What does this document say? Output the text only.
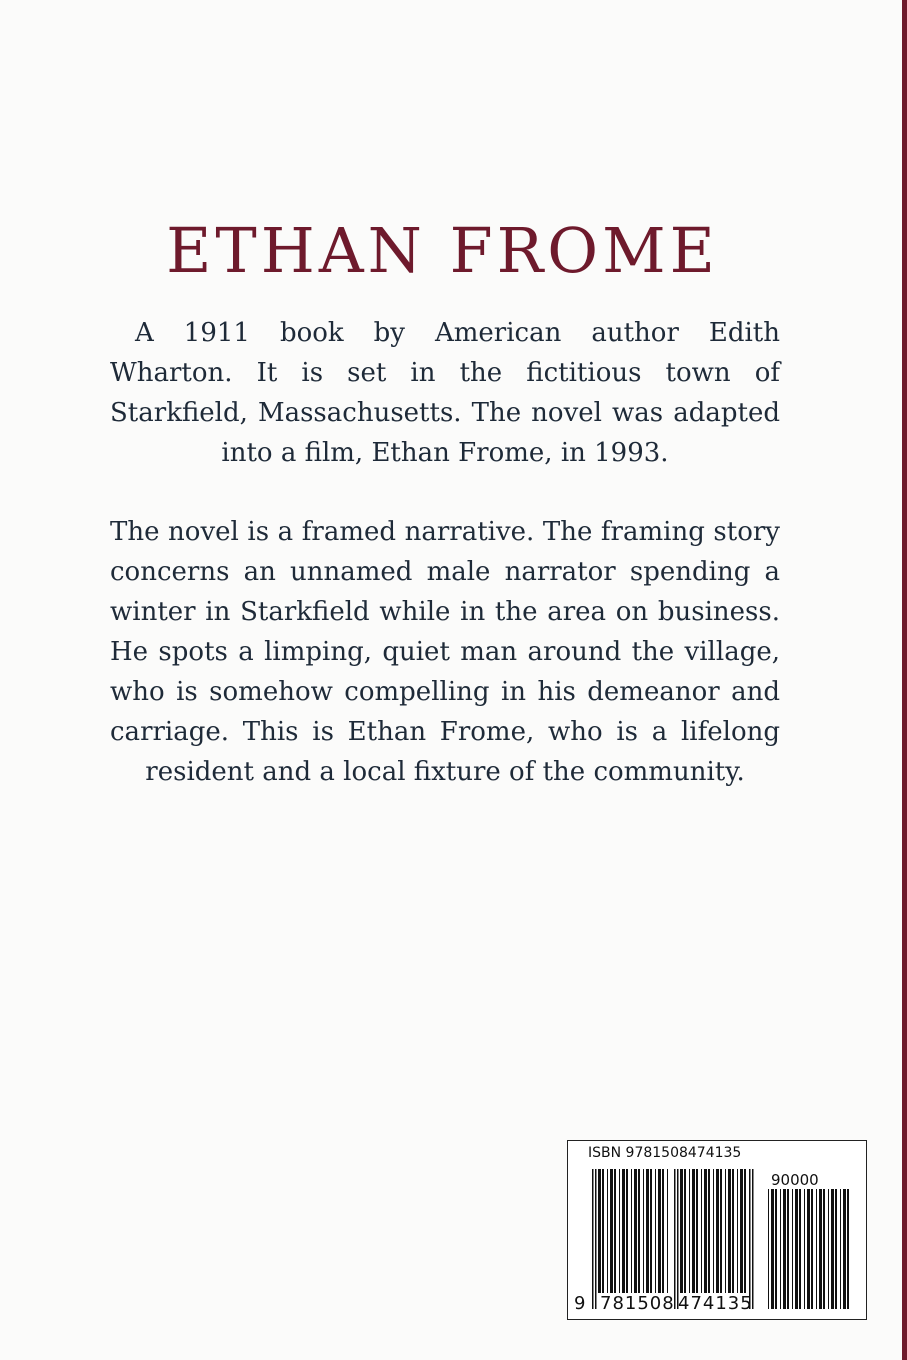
ETHAN FROME

A 1911 book by American author Edith Wharton. It is set in the fictitious town of Starkfield, Massachusetts. The novel was adapted into a film, Ethan Frome, in 1993.

The novel is a framed narrative. The framing story concerns an unnamed male narrator spending a winter in Starkfield while in the area on business. He spots a limping, quiet man around the village, who is somehow compelling in his demeanor and carriage. This is Ethan Frome, who is a lifelong resident and a local fixture of the community.

ISBN 9781508474135
90000
9 781508 474135
